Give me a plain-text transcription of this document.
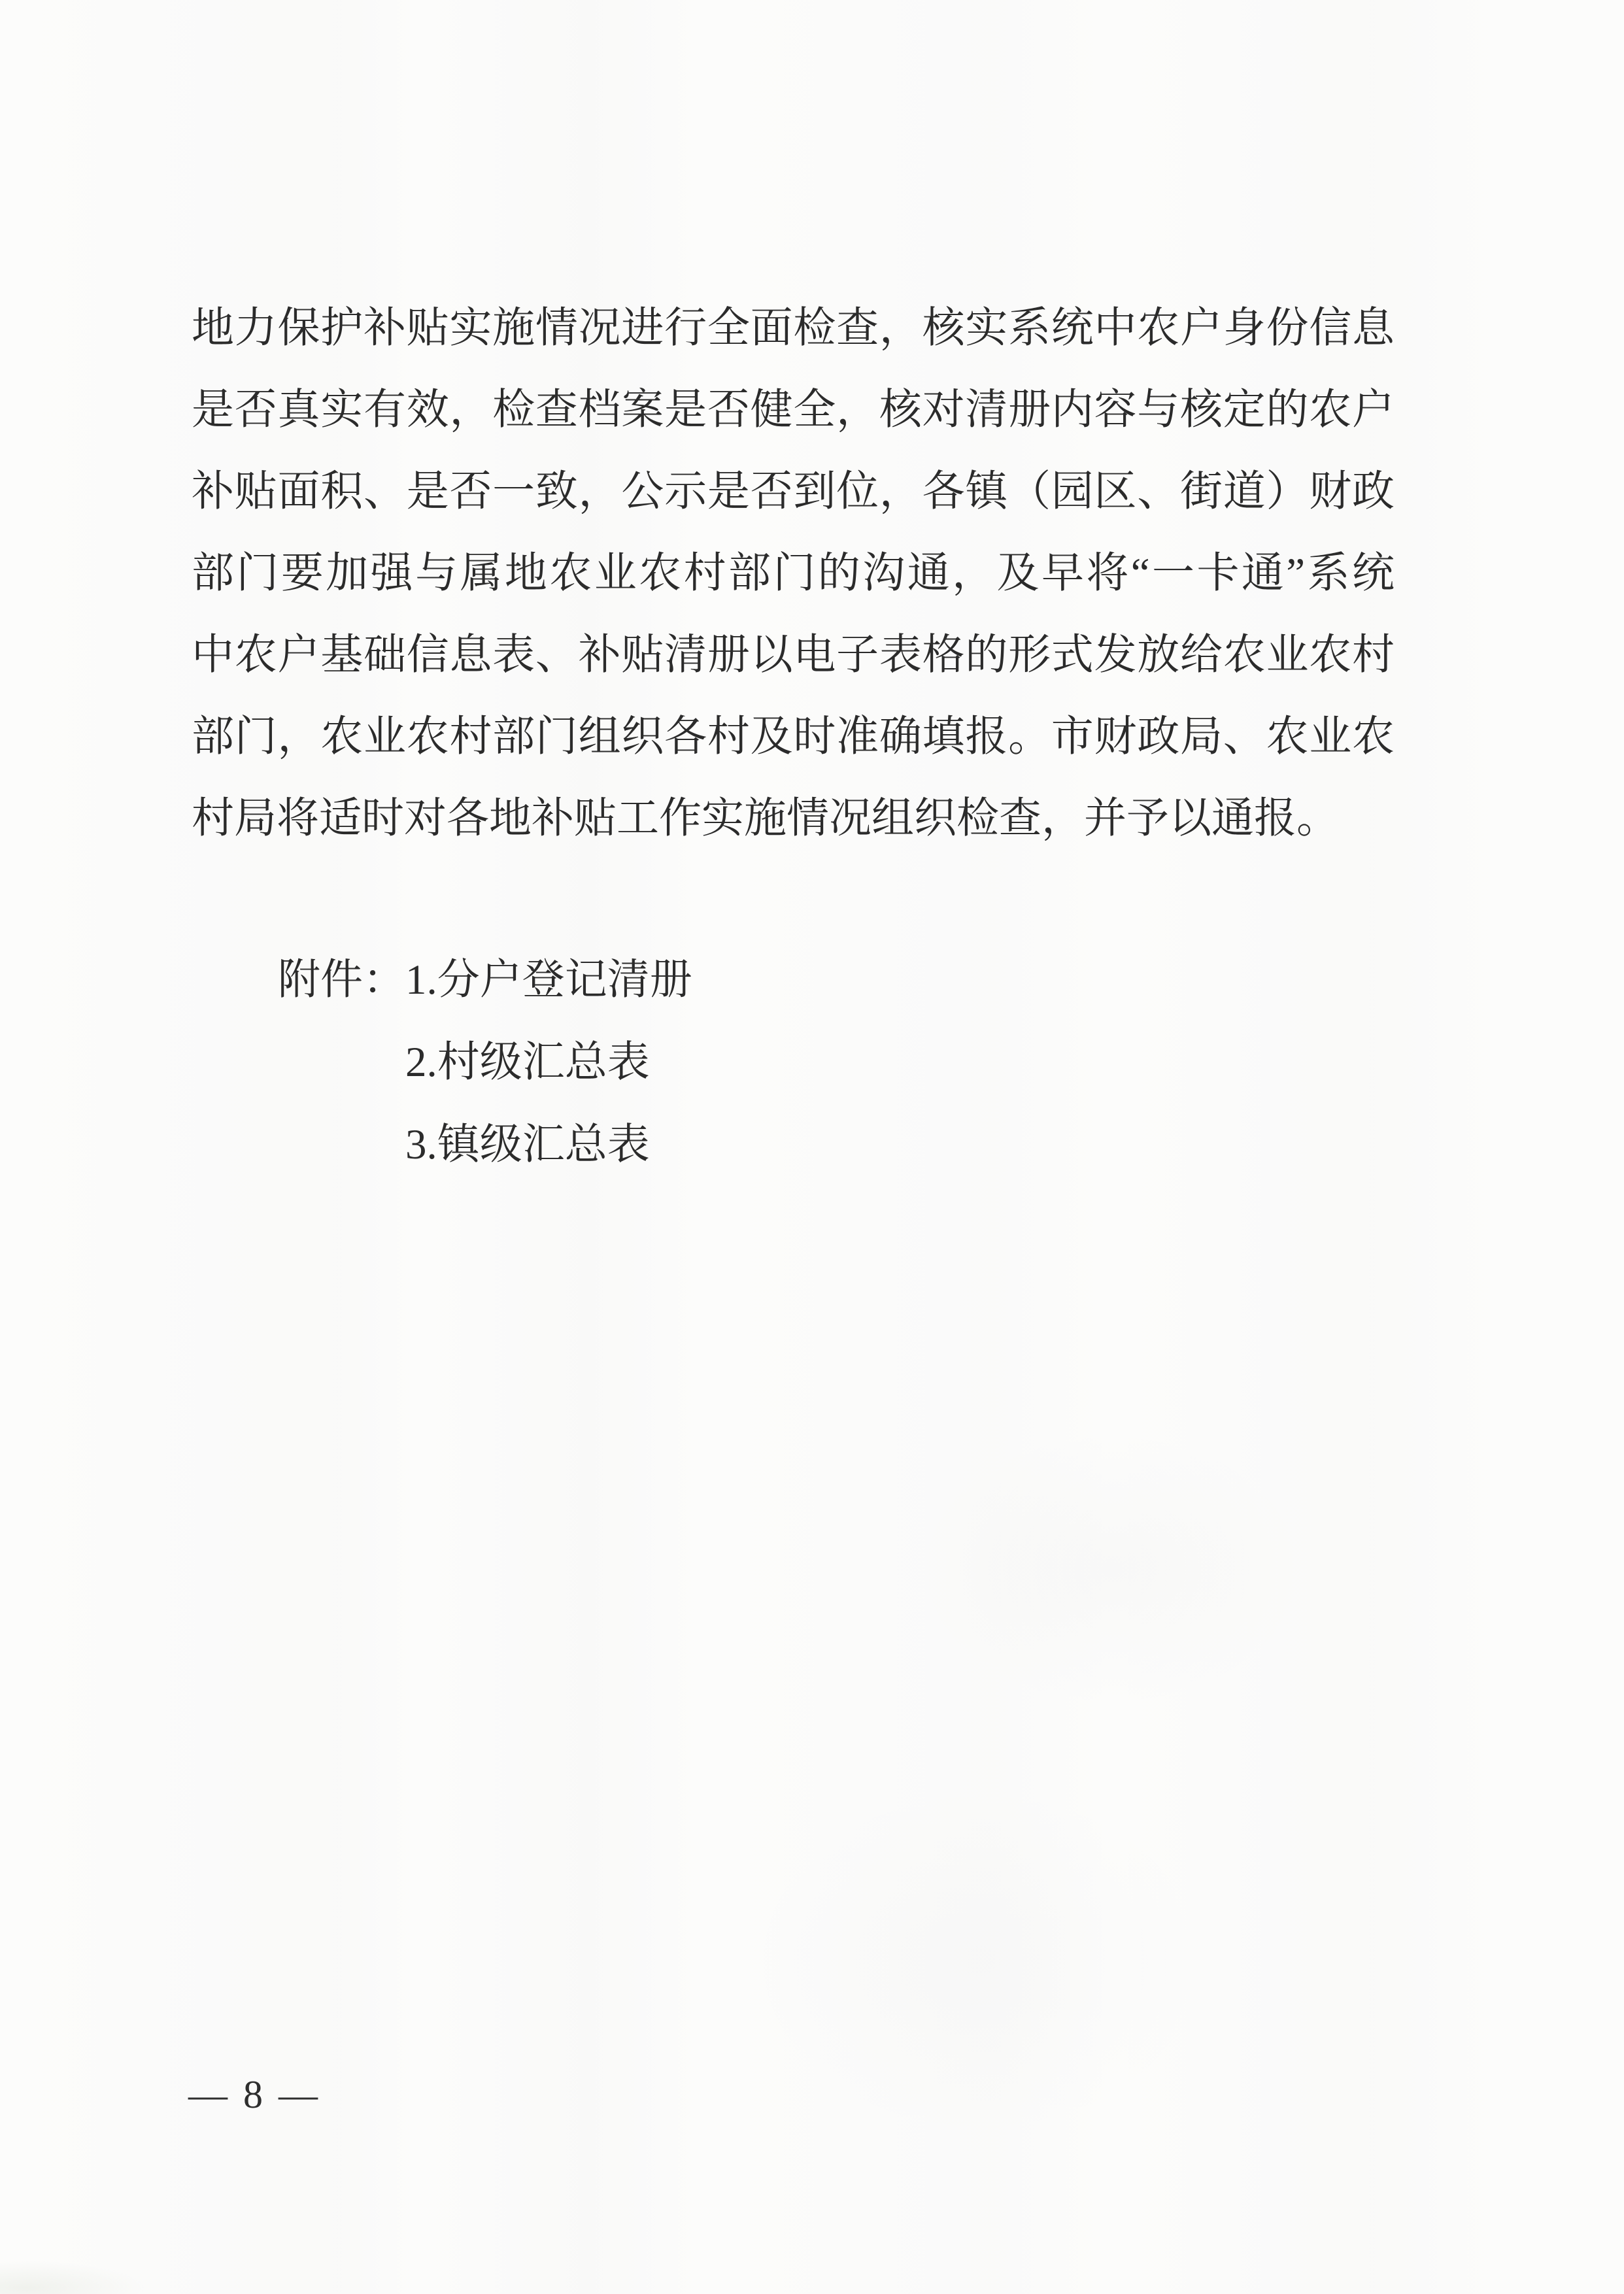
地力保护补贴实施情况进行全面检查，核实系统中农户身份信息
是否真实有效，检查档案是否健全，核对清册内容与核定的农户
补贴面积、是否一致，公示是否到位，各镇（园区、街道）财政
部门要加强与属地农业农村部门的沟通，及早将“一卡通”系统
中农户基础信息表、补贴清册以电子表格的形式发放给农业农村
部门，农业农村部门组织各村及时准确填报。市财政局、农业农
村局将适时对各地补贴工作实施情况组织检查，并予以通报。
附件：1.分户登记清册
2.村级汇总表
3.镇级汇总表
— 8 —
